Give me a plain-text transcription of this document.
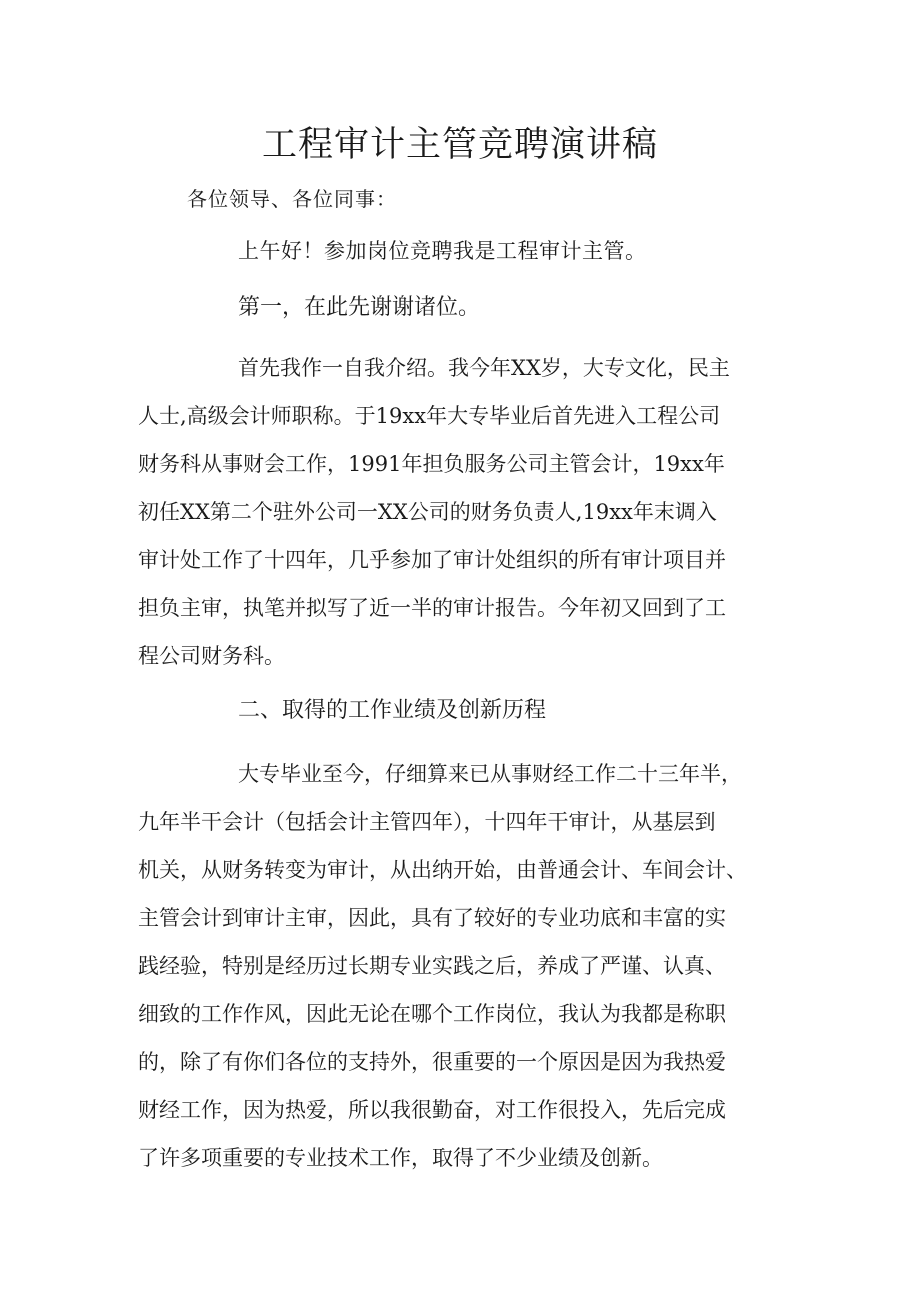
工程审计主管竞聘演讲稿

各位领导、各位同事：

上午好！参加岗位竞聘我是工程审计主管。

第一，在此先谢谢诸位。

首先我作一自我介绍。我今年XX岁，大专文化，民主
人士,高级会计师职称。于19xx年大专毕业后首先进入工程公司
财务科从事财会工作，1991年担负服务公司主管会计，19xx年
初任XX第二个驻外公司一XX公司的财务负责人,19xx年末调入
审计处工作了十四年，几乎参加了审计处组织的所有审计项目并
担负主审，执笔并拟写了近一半的审计报告。今年初又回到了工
程公司财务科。

二、取得的工作业绩及创新历程

大专毕业至今，仔细算来已从事财经工作二十三年半，
九年半干会计（包括会计主管四年），十四年干审计，从基层到
机关，从财务转变为审计，从出纳开始，由普通会计、车间会计、
主管会计到审计主审，因此，具有了较好的专业功底和丰富的实
践经验，特别是经历过长期专业实践之后，养成了严谨、认真、
细致的工作作风，因此无论在哪个工作岗位，我认为我都是称职
的，除了有你们各位的支持外，很重要的一个原因是因为我热爱
财经工作，因为热爱，所以我很勤奋，对工作很投入，先后完成
了许多项重要的专业技术工作，取得了不少业绩及创新。
